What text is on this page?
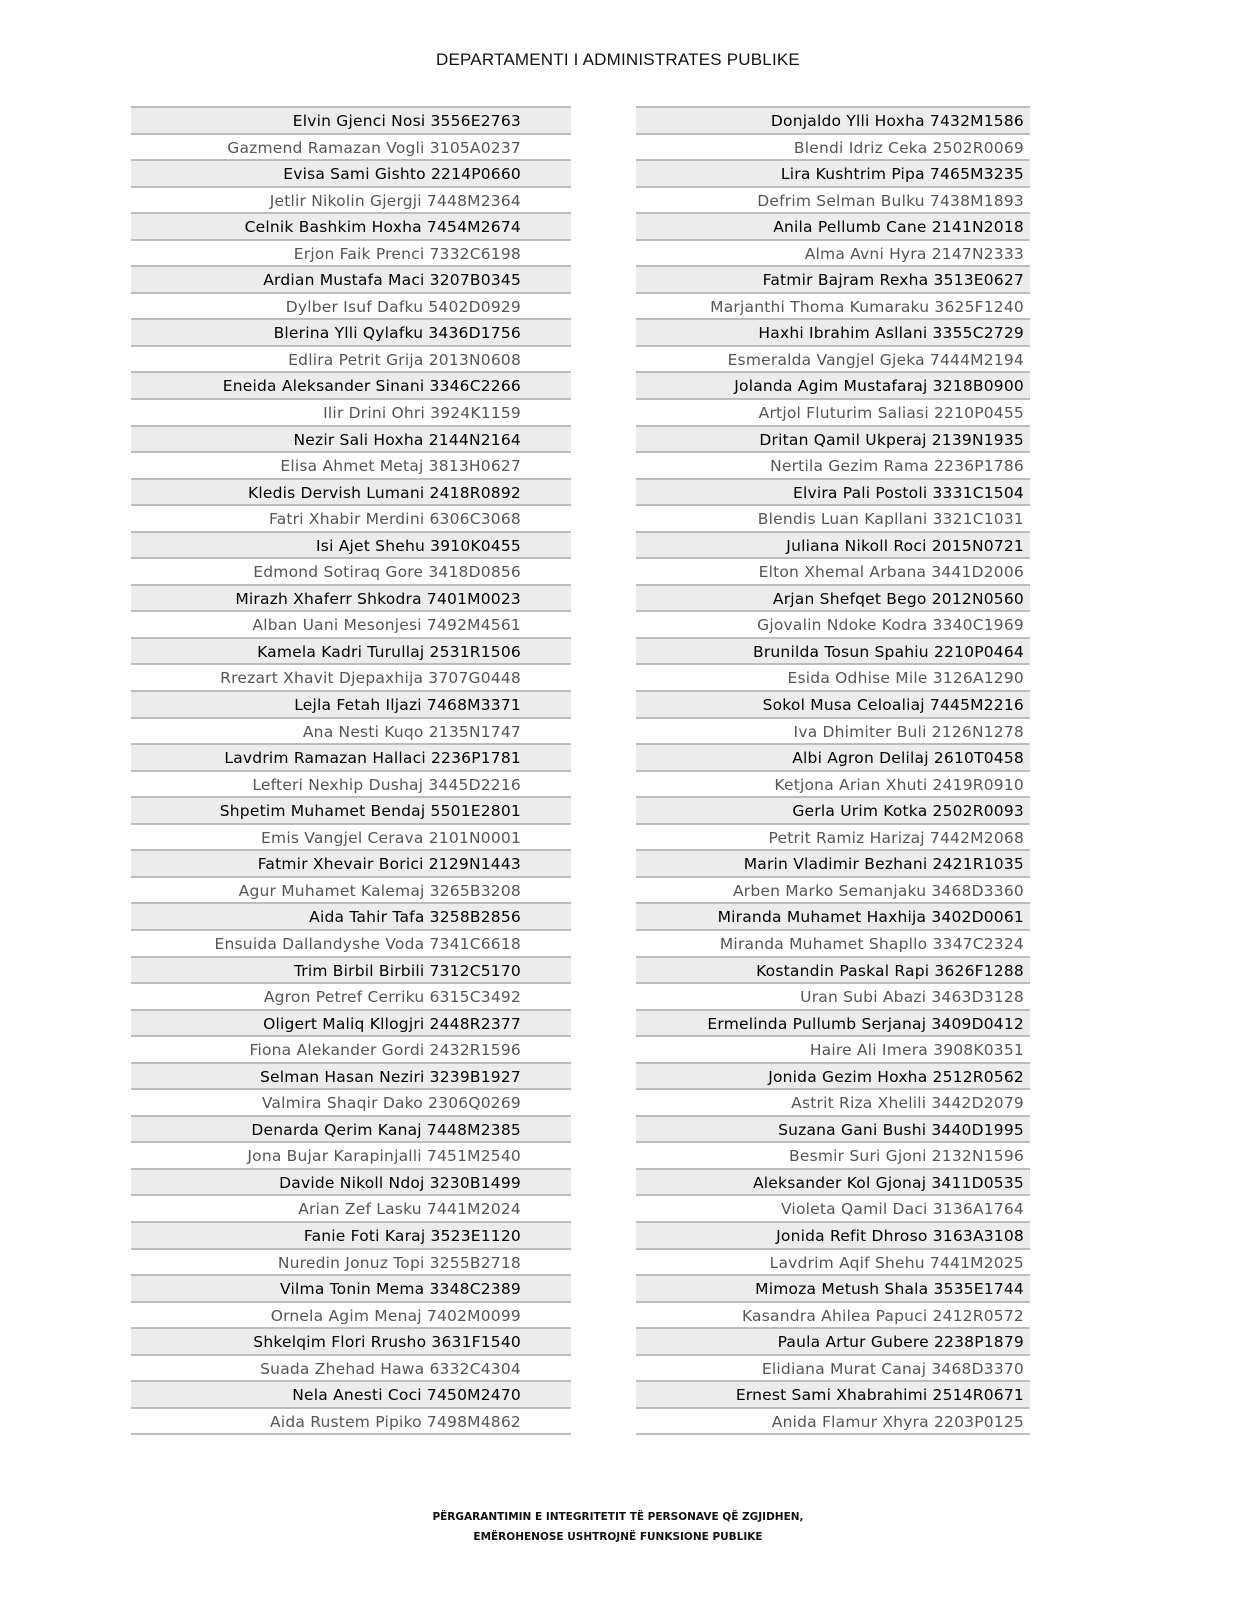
DEPARTAMENTI I ADMINISTRATES PUBLIKE
Elvin Gjenci Nosi 3556E2763
Gazmend Ramazan Vogli 3105A0237
Evisa Sami Gishto 2214P0660
Jetlir Nikolin Gjergji 7448M2364
Celnik Bashkim Hoxha 7454M2674
Erjon Faik Prenci 7332C6198
Ardian Mustafa Maci 3207B0345
Dylber Isuf Dafku 5402D0929
Blerina Ylli Qylafku 3436D1756
Edlira Petrit Grija 2013N0608
Eneida Aleksander Sinani 3346C2266
Ilir Drini Ohri 3924K1159
Nezir Sali Hoxha 2144N2164
Elisa Ahmet Metaj 3813H0627
Kledis Dervish Lumani 2418R0892
Fatri Xhabir Merdini 6306C3068
Isi Ajet Shehu 3910K0455
Edmond Sotiraq Gore 3418D0856
Mirazh Xhaferr Shkodra 7401M0023
Alban Uani Mesonjesi 7492M4561
Kamela Kadri Turullaj 2531R1506
Rrezart Xhavit Djepaxhija 3707G0448
Lejla Fetah Iljazi 7468M3371
Ana Nesti Kuqo 2135N1747
Lavdrim Ramazan Hallaci 2236P1781
Lefteri Nexhip Dushaj 3445D2216
Shpetim Muhamet Bendaj 5501E2801
Emis Vangjel Cerava 2101N0001
Fatmir Xhevair Borici 2129N1443
Agur Muhamet Kalemaj 3265B3208
Aida Tahir Tafa 3258B2856
Ensuida Dallandyshe Voda 7341C6618
Trim Birbil Birbili 7312C5170
Agron Petref Cerriku 6315C3492
Oligert Maliq Kllogjri 2448R2377
Fiona Alekander Gordi 2432R1596
Selman Hasan Neziri 3239B1927
Valmira Shaqir Dako 2306Q0269
Denarda Qerim Kanaj 7448M2385
Jona Bujar Karapinjalli 7451M2540
Davide Nikoll Ndoj 3230B1499
Arian Zef Lasku 7441M2024
Fanie Foti Karaj 3523E1120
Nuredin Jonuz Topi 3255B2718
Vilma Tonin Mema 3348C2389
Ornela Agim Menaj 7402M0099
Shkelqim Flori Rrusho 3631F1540
Suada Zhehad Hawa 6332C4304
Nela Anesti Coci 7450M2470
Aida Rustem Pipiko 7498M4862
Donjaldo Ylli Hoxha 7432M1586
Blendi Idriz Ceka 2502R0069
Lira Kushtrim Pipa 7465M3235
Defrim Selman Bulku 7438M1893
Anila Pellumb Cane 2141N2018
Alma Avni Hyra 2147N2333
Fatmir Bajram Rexha 3513E0627
Marjanthi Thoma Kumaraku 3625F1240
Haxhi Ibrahim Asllani 3355C2729
Esmeralda Vangjel Gjeka 7444M2194
Jolanda Agim Mustafaraj 3218B0900
Artjol Fluturim Saliasi 2210P0455
Dritan Qamil Ukperaj 2139N1935
Nertila Gezim Rama 2236P1786
Elvira Pali Postoli 3331C1504
Blendis Luan Kapllani 3321C1031
Juliana Nikoll Roci 2015N0721
Elton Xhemal Arbana 3441D2006
Arjan Shefqet Bego 2012N0560
Gjovalin Ndoke Kodra 3340C1969
Brunilda Tosun Spahiu 2210P0464
Esida Odhise Mile 3126A1290
Sokol Musa Celoaliaj 7445M2216
Iva Dhimiter Buli 2126N1278
Albi Agron Delilaj 2610T0458
Ketjona Arian Xhuti 2419R0910
Gerla Urim Kotka 2502R0093
Petrit Ramiz Harizaj 7442M2068
Marin Vladimir Bezhani 2421R1035
Arben Marko Semanjaku 3468D3360
Miranda Muhamet Haxhija 3402D0061
Miranda Muhamet Shapllo 3347C2324
Kostandin Paskal Rapi 3626F1288
Uran Subi Abazi 3463D3128
Ermelinda Pullumb Serjanaj 3409D0412
Haire Ali Imera 3908K0351
Jonida Gezim Hoxha 2512R0562
Astrit Riza Xhelili 3442D2079
Suzana Gani Bushi 3440D1995
Besmir Suri Gjoni 2132N1596
Aleksander Kol Gjonaj 3411D0535
Violeta Qamil Daci 3136A1764
Jonida Refit Dhroso 3163A3108
Lavdrim Aqif Shehu 7441M2025
Mimoza Metush Shala 3535E1744
Kasandra Ahilea Papuci 2412R0572
Paula Artur Gubere 2238P1879
Elidiana Murat Canaj 3468D3370
Ernest Sami Xhabrahimi 2514R0671
Anida Flamur Xhyra 2203P0125
PËRGARANTIMIN E INTEGRITETIT TË PERSONAVE QË ZGJIDHEN,
EMËROHENOSE USHTROJNË FUNKSIONE PUBLIKE
